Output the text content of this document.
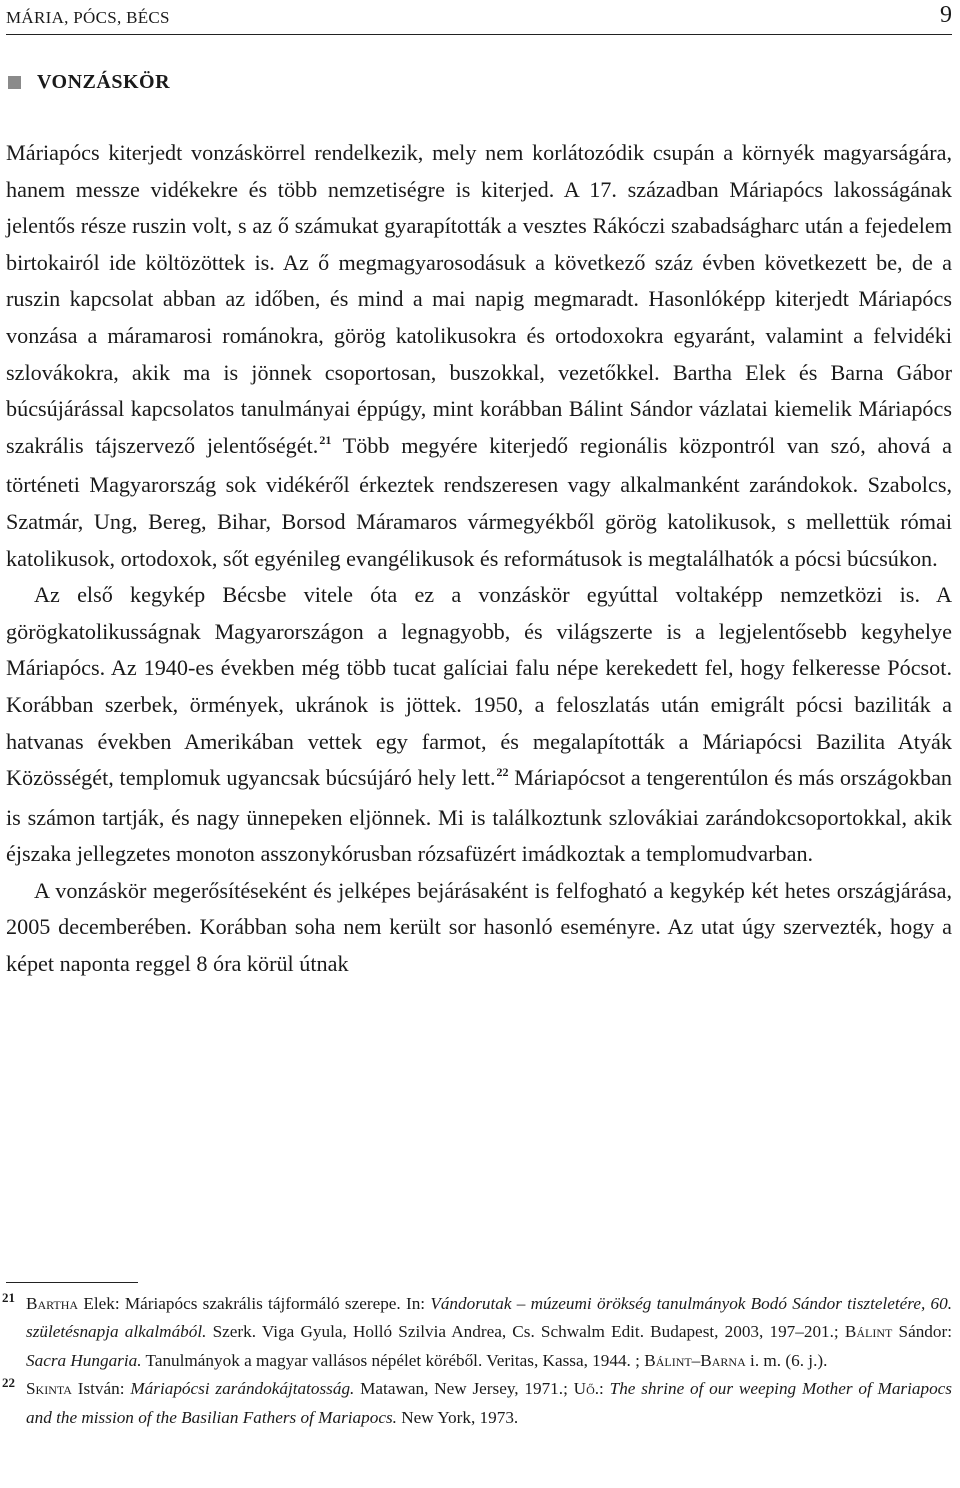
MÁRIA, PÓCS, BÉCS	9
VONZÁSKÖR

Máriapócs kiterjedt vonzáskörrel rendelkezik, mely nem korlátozódik csupán a környék magyarságára, hanem messze vidékekre és több nemzetiségre is kiterjed. A 17. században Máriapócs lakosságának jelentős része ruszin volt, s az ő számukat gyarapították a vesztes Rákóczi szabadságharc után a fejedelem birtokairól ide költözöttek is. Az ő megmagyarosodásuk a következő száz évben következett be, de a ruszin kapcsolat abban az időben, és mind a mai napig megmaradt. Hasonlóképp kiterjedt Máriapócs vonzása a máramarosi románokra, görög katolikusokra és ortodoxokra egyaránt, valamint a felvidéki szlovákokra, akik ma is jönnek csoportosan, buszokkal, vezetőkkel. Bartha Elek és Barna Gábor búcsújárással kapcsolatos tanulmányai éppúgy, mint korábban Bálint Sándor vázlatai kiemelik Máriapócs szakrális tájszervező jelentőségét.$^{21}$ Több megyére kiterjedő regionális központról van szó, ahová a történeti Magyarország sok vidékéről érkeztek rendszeresen vagy alkalmanként zarándokok. Szabolcs, Szatmár, Ung, Bereg, Bihar, Borsod Máramaros vármegyékből görög katolikusok, s mellettük római katolikusok, ortodoxok, sőt egyénileg evangélikusok és reformátusok is megtalálhatók a pócsi búcsúkon.

Az első kegykép Bécsbe vitele óta ez a vonzáskör egyúttal voltaképp nemzetközi is. A görögkatolikusságnak Magyarországon a legnagyobb, és világszerte is a legjelentősebb kegyhelye Máriapócs. Az 1940-es években még több tucat galíciai falu népe kerekedett fel, hogy felkeresse Pócsot. Korábban szerbek, örmények, ukránok is jöttek. 1950, a feloszlatás után emigrált pócsi baziliták a hatvanas években Amerikában vettek egy farmot, és megalapították a Máriapócsi Bazilita Atyák Közösségét, templomuk ugyancsak búcsújáró hely lett.$^{22}$ Máriapócsot a tengerentúlon és más országokban is számon tartják, és nagy ünnepeken eljönnek. Mi is találkoztunk szlovákiai zarándokcsoportokkal, akik éjszaka jellegzetes monoton asszonykórusban rózsafüzért imádkoztak a templomudvarban.

A vonzáskör megerősítéseként és jelképes bejárásaként is felfogható a kegykép két hetes országjárása, 2005 decemberében. Korábban soha nem került sor hasonló eseményre. Az utat úgy szervezték, hogy a képet naponta reggel 8 óra körül útnak

21 Bartha Elek: Máriapócs szakrális tájformáló szerepe. In: Vándorutak – múzeumi örökség tanulmányok Bodó Sándor tiszteletére, 60. születésnapja alkalmából. Szerk. Viga Gyula, Holló Szilvia Andrea, Cs. Schwalm Edit. Budapest, 2003, 197–201.; Bálint Sándor: Sacra Hungaria. Tanulmányok a magyar vallásos népélet köréből. Veritas, Kassa, 1944. ; Bálint–Barna i. m. (6. j.).
22 Skinta István: Máriapócsi zarándokájtatosság. Matawan, New Jersey, 1971.; Uő.: The shrine of our weeping Mother of Mariapocs and the mission of the Basilian Fathers of Mariapocs. New York, 1973.
